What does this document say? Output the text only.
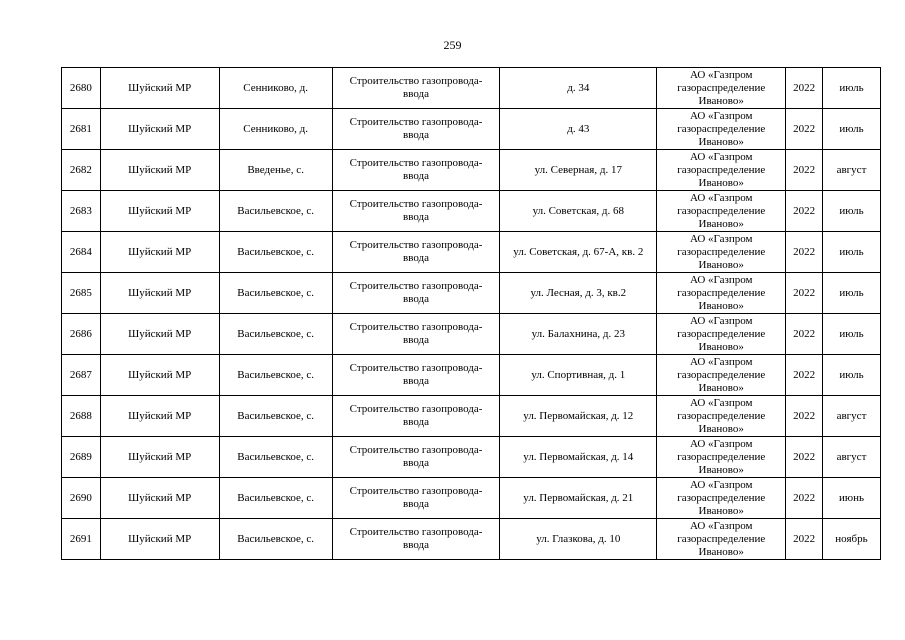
259
2680	Шуйский МР	Сенниково, д.	Строительство газопровода-
ввода	д. 34	АО «Газпром
газораспределение
Иваново»	2022	июль
2681	Шуйский МР	Сенниково, д.	Строительство газопровода-
ввода	д. 43	АО «Газпром
газораспределение
Иваново»	2022	июль
2682	Шуйский МР	Введенье, с.	Строительство газопровода-
ввода	ул. Северная, д. 17	АО «Газпром
газораспределение
Иваново»	2022	август
2683	Шуйский МР	Васильевское, с.	Строительство газопровода-
ввода	ул. Советская, д. 68	АО «Газпром
газораспределение
Иваново»	2022	июль
2684	Шуйский МР	Васильевское, с.	Строительство газопровода-
ввода	ул. Советская, д. 67-А, кв. 2	АО «Газпром
газораспределение
Иваново»	2022	июль
2685	Шуйский МР	Васильевское, с.	Строительство газопровода-
ввода	ул. Лесная, д. 3, кв.2	АО «Газпром
газораспределение
Иваново»	2022	июль
2686	Шуйский МР	Васильевское, с.	Строительство газопровода-
ввода	ул. Балахнина, д. 23	АО «Газпром
газораспределение
Иваново»	2022	июль
2687	Шуйский МР	Васильевское, с.	Строительство газопровода-
ввода	ул. Спортивная, д. 1	АО «Газпром
газораспределение
Иваново»	2022	июль
2688	Шуйский МР	Васильевское, с.	Строительство газопровода-
ввода	ул. Первомайская, д. 12	АО «Газпром
газораспределение
Иваново»	2022	август
2689	Шуйский МР	Васильевское, с.	Строительство газопровода-
ввода	ул. Первомайская, д. 14	АО «Газпром
газораспределение
Иваново»	2022	август
2690	Шуйский МР	Васильевское, с.	Строительство газопровода-
ввода	ул. Первомайская, д. 21	АО «Газпром
газораспределение
Иваново»	2022	июнь
2691	Шуйский МР	Васильевское, с.	Строительство газопровода-
ввода	ул. Глазкова, д. 10	АО «Газпром
газораспределение
Иваново»	2022	ноябрь
